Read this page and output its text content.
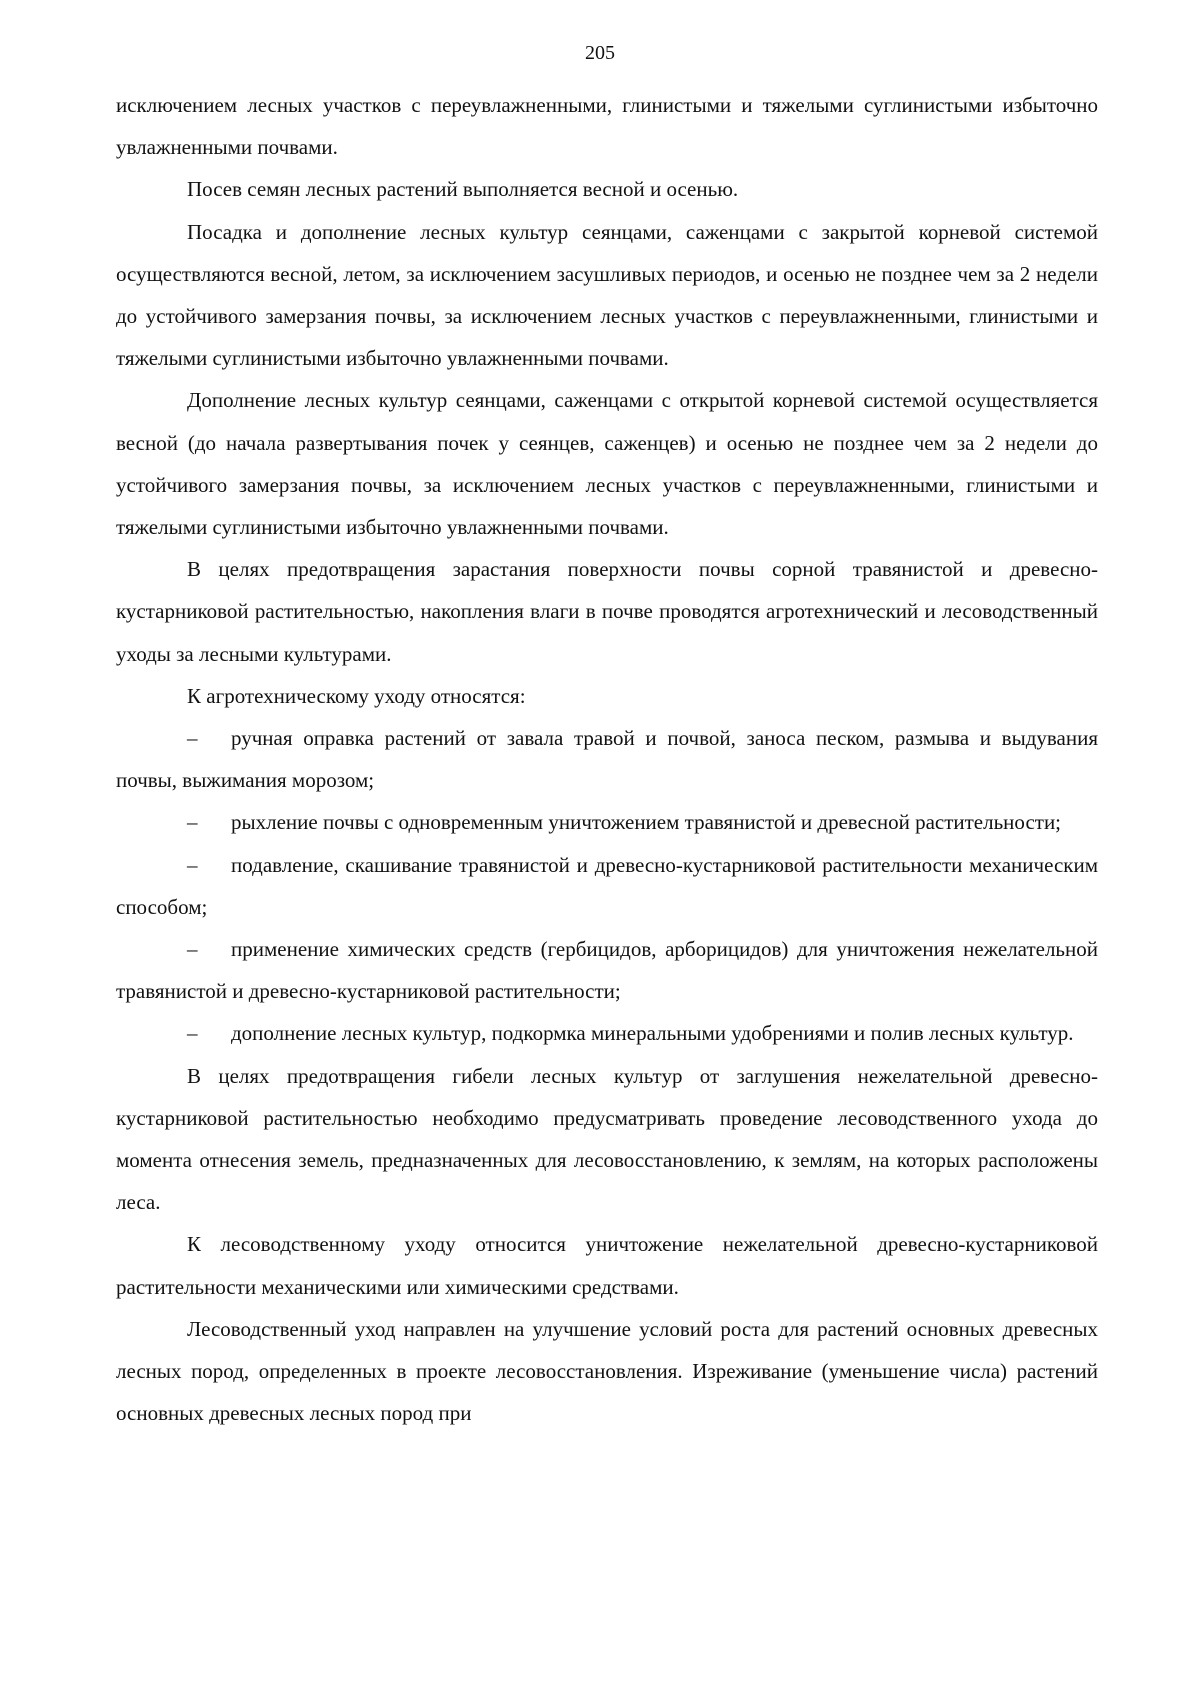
205

исключением лесных участков с переувлажненными, глинистыми и тяжелыми суглинистыми избыточно увлажненными почвами.

Посев семян лесных растений выполняется весной и осенью.

Посадка и дополнение лесных культур сеянцами, саженцами с закрытой корневой системой осуществляются весной, летом, за исключением засушливых периодов, и осенью не позднее чем за 2 недели до устойчивого замерзания почвы, за исключением лесных участков с переувлажненными, глинистыми и тяжелыми суглинистыми избыточно увлажненными почвами.

Дополнение лесных культур сеянцами, саженцами с открытой корневой системой осуществляется весной (до начала развертывания почек у сеянцев, саженцев) и осенью не позднее чем за 2 недели до устойчивого замерзания почвы, за исключением лесных участков с переувлажненными, глинистыми и тяжелыми суглинистыми избыточно увлажненными почвами.

В целях предотвращения зарастания поверхности почвы сорной травянистой и древесно-кустарниковой растительностью, накопления влаги в почве проводятся агротехнический и лесоводственный уходы за лесными культурами.

К агротехническому уходу относятся:

– ручная оправка растений от завала травой и почвой, заноса песком, размыва и выдувания почвы, выжимания морозом;

– рыхление почвы с одновременным уничтожением травянистой и древесной растительности;

– подавление, скашивание травянистой и древесно-кустарниковой растительности механическим способом;

– применение химических средств (гербицидов, арборицидов) для уничтожения нежелательной травянистой и древесно-кустарниковой растительности;

– дополнение лесных культур, подкормка минеральными удобрениями и полив лесных культур.

В целях предотвращения гибели лесных культур от заглушения нежелательной древесно-кустарниковой растительностью необходимо предусматривать проведение лесоводственного ухода до момента отнесения земель, предназначенных для лесовосстановлению, к землям, на которых расположены леса.

К лесоводственному уходу относится уничтожение нежелательной древесно-кустарниковой растительности механическими или химическими средствами.

Лесоводственный уход направлен на улучшение условий роста для растений основных древесных лесных пород, определенных в проекте лесовосстановления. Изреживание (уменьшение числа) растений основных древесных лесных пород при
